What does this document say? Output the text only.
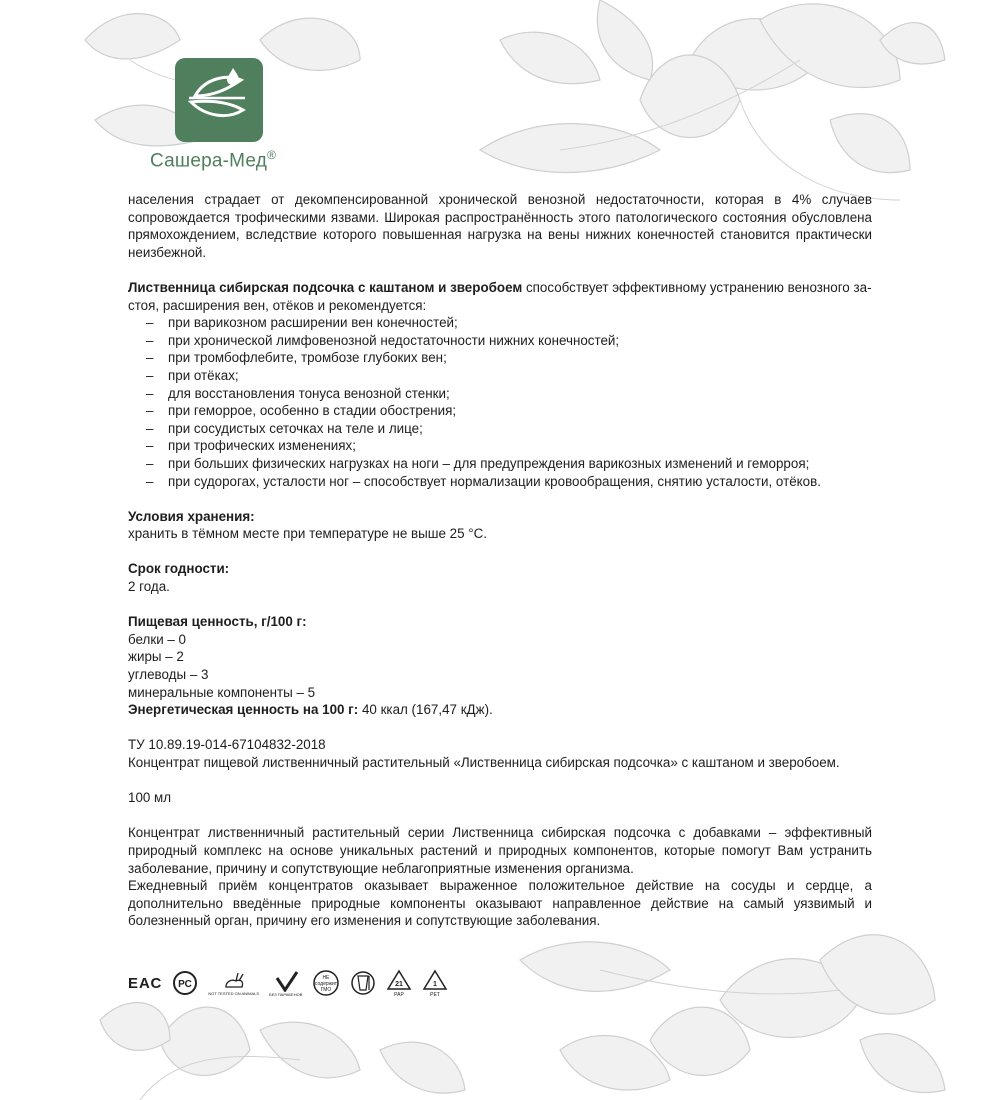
Сашера-Мед®

населения страдает от декомпенсированной хронической венозной недостаточности, которая в 4% случаев сопровождается трофическими язвами. Широкая распространённость этого патологического состояния обусловлена прямохождением, вследствие которого повышенная нагрузка на вены нижних конечностей становится практически неизбежной.

Лиственница сибирская подсочка с каштаном и зверобоем способствует эффективному устранению венозного за-
стоя, расширения вен, отёков и рекомендуется:

– при варикозном расширении вен конечностей;
– при хронической лимфовенозной недостаточности нижних конечностей;
– при тромбофлебите, тромбозе глубоких вен;
– при отёках;
– для восстановления тонуса венозной стенки;
– при геморрое, особенно в стадии обострения;
– при сосудистых сеточках на теле и лице;
– при трофических изменениях;
– при больших физических нагрузках на ноги – для предупреждения варикозных изменений и геморроя;
– при судорогах, усталости ног – способствует нормализации кровообращения, снятию усталости, отёков.

Условия хранения:

хранить в тёмном месте при температуре не выше 25 °С.

Срок годности:

2 года.

Пищевая ценность, г/100 г:

белки – 0

жиры – 2

углеводы – 3

минеральные компоненты – 5

Энергетическая ценность на 100 г: 40 ккал (167,47 кДж).

ТУ 10.89.19-014-67104832-2018

Концентрат пищевой лиственничный растительный «Лиственница сибирская подсочка» с каштаном и зверобоем.

100 мл

Концентрат лиственничный растительный серии Лиственница сибирская подсочка с добавками – эффективный природный комплекс на основе уникальных растений и природных компонентов, которые помогут Вам устранить заболевание, причину и сопутствующие неблагоприятные изменения организма.

Ежедневный приём концентратов оказывает выраженное положительное действие на сосуды и сердце, а дополнительно введённые природные компоненты оказывают направленное действие на самый уязвимый и болезненный орган, причину его изменения и сопутствующие заболевания.

ЕАС РС
NOT TESTED ON ANIMALS	БЕЗ ПАРАБЕНОВ
НЕ
содержит
ГМО
21
PAP
1
PET
